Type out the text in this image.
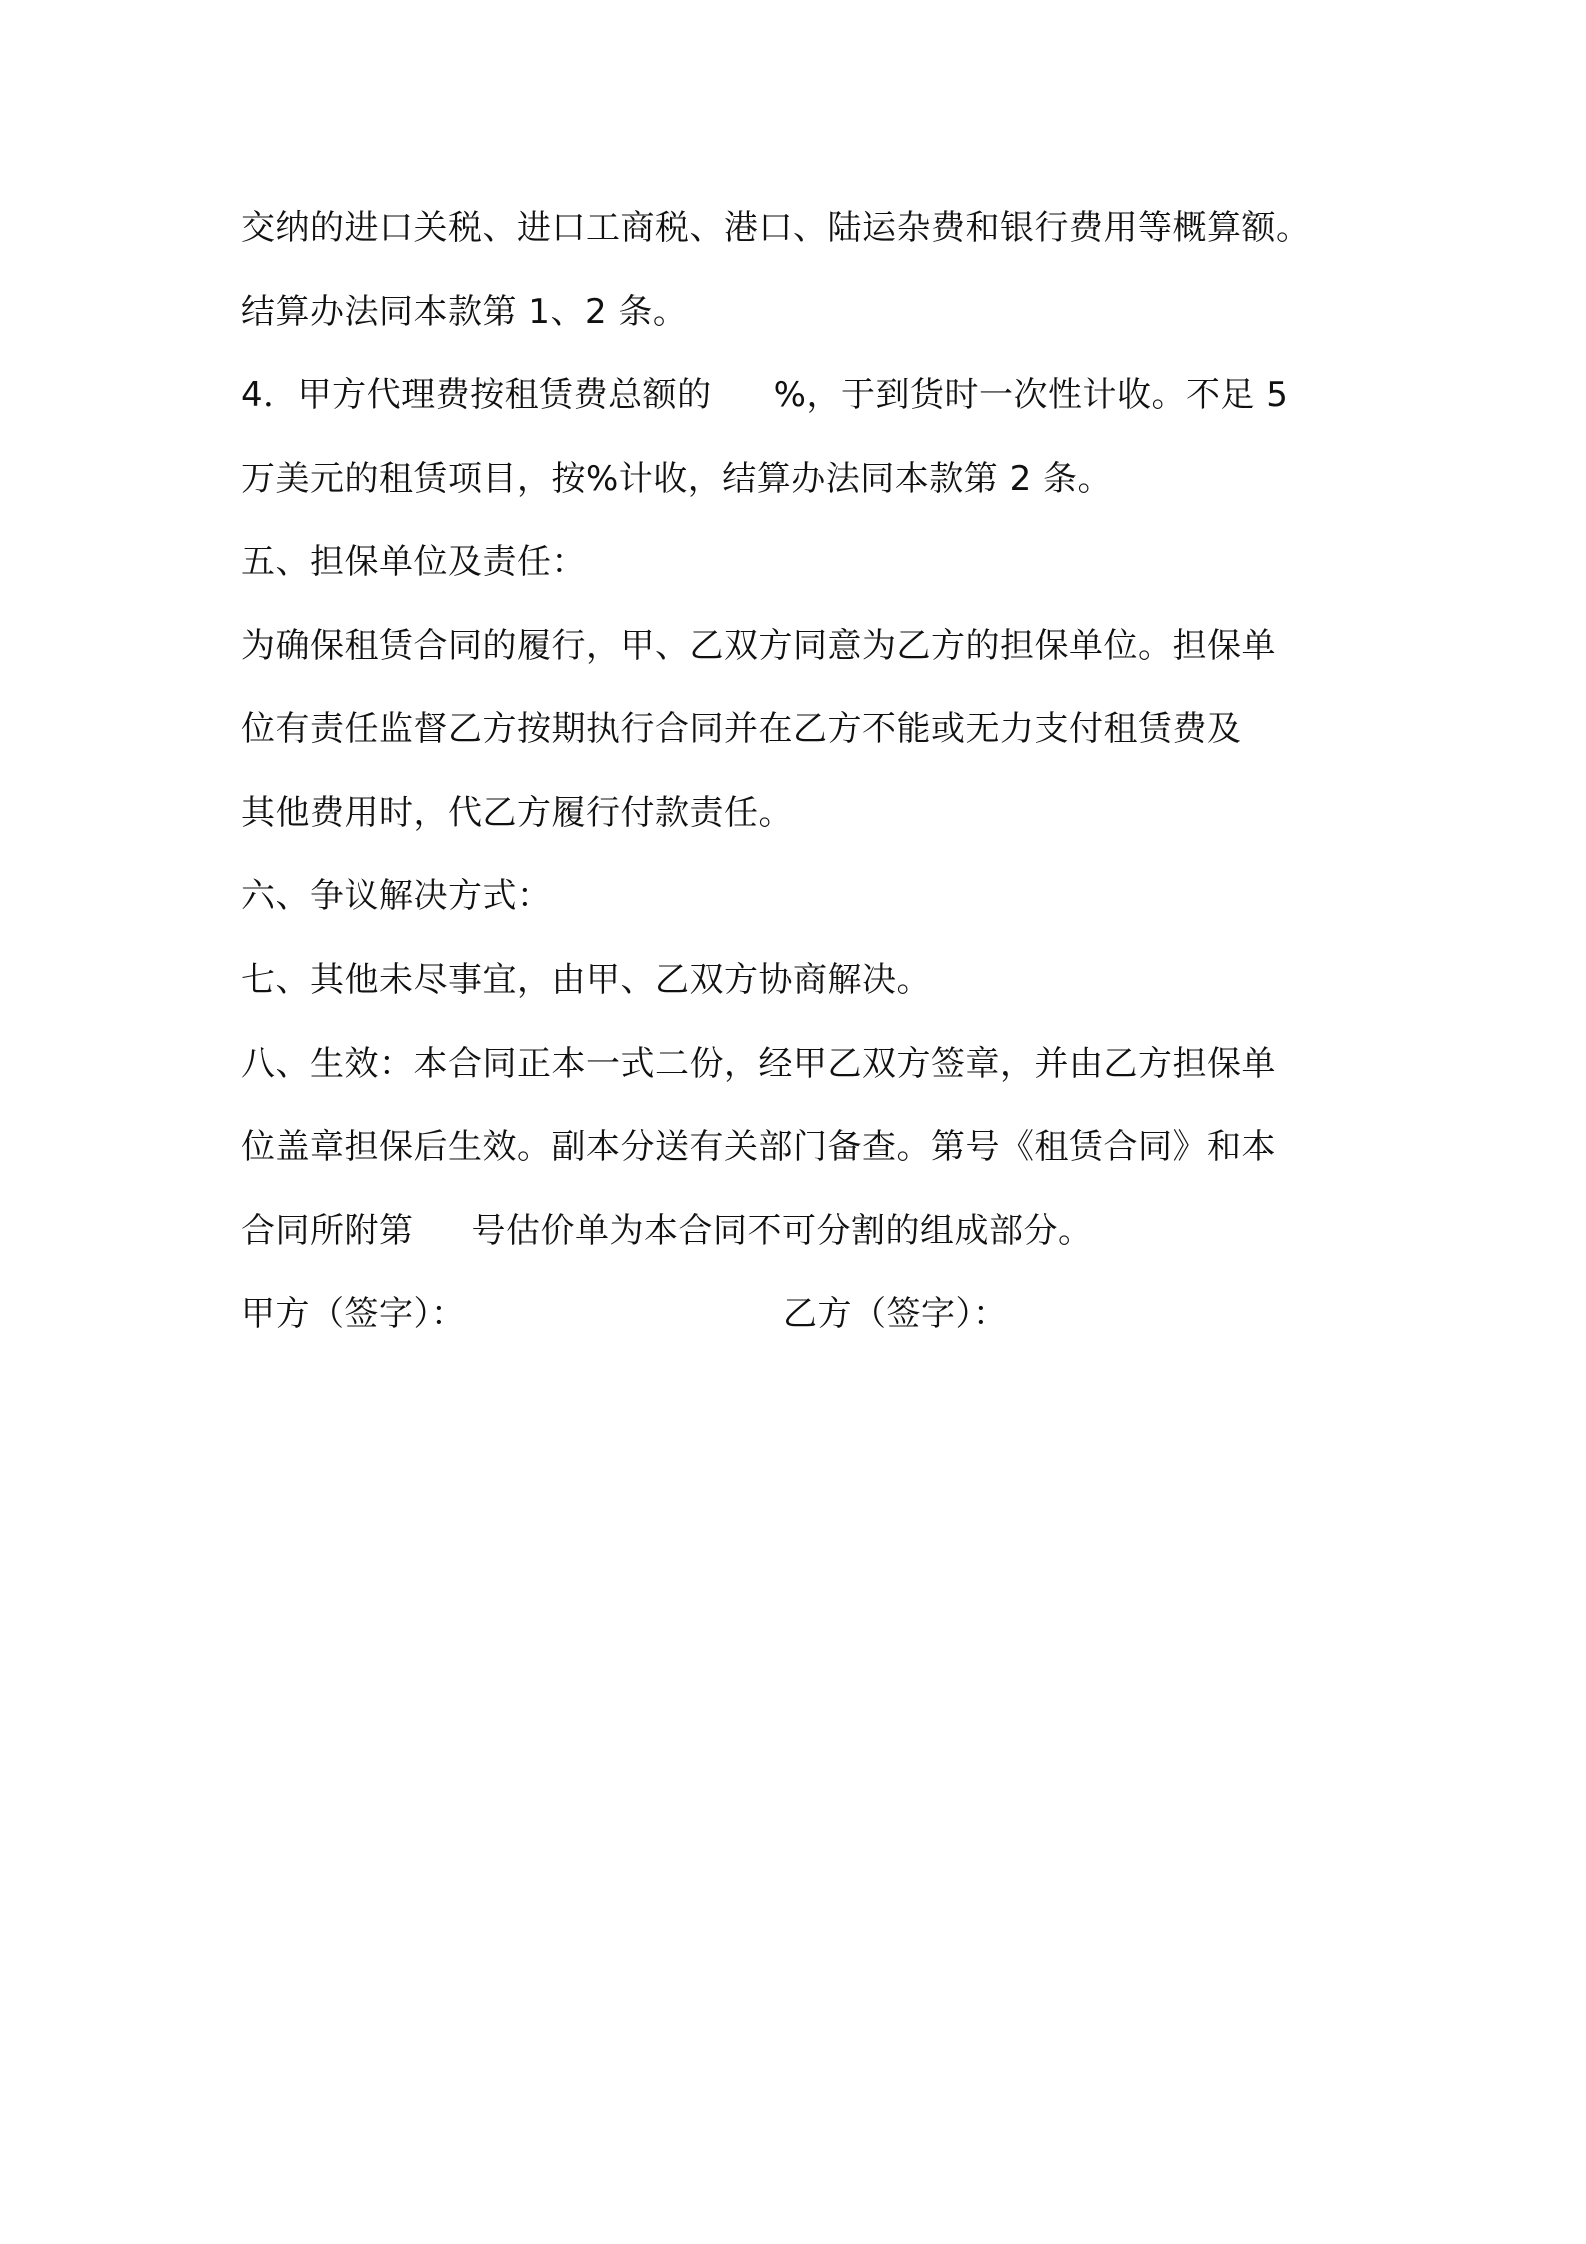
交纳的进口关税、进口工商税、港口、陆运杂费和银行费用等概算额。
结算办法同本款第 1、2 条。
4．甲方代理费按租赁费总额的 %，于到货时一次性计收。不足 5
万美元的租赁项目，按%计收，结算办法同本款第 2 条。
五、担保单位及责任：
为确保租赁合同的履行，甲、乙双方同意为乙方的担保单位。担保单
位有责任监督乙方按期执行合同并在乙方不能或无力支付租赁费及
其他费用时，代乙方履行付款责任。
六、争议解决方式：
七、其他未尽事宜，由甲、乙双方协商解决。
八、生效：本合同正本一式二份，经甲乙双方签章，并由乙方担保单
位盖章担保后生效。副本分送有关部门备查。第号《租赁合同》和本
合同所附第 号估价单为本合同不可分割的组成部分。
甲方（签字）：	乙方（签字）：
